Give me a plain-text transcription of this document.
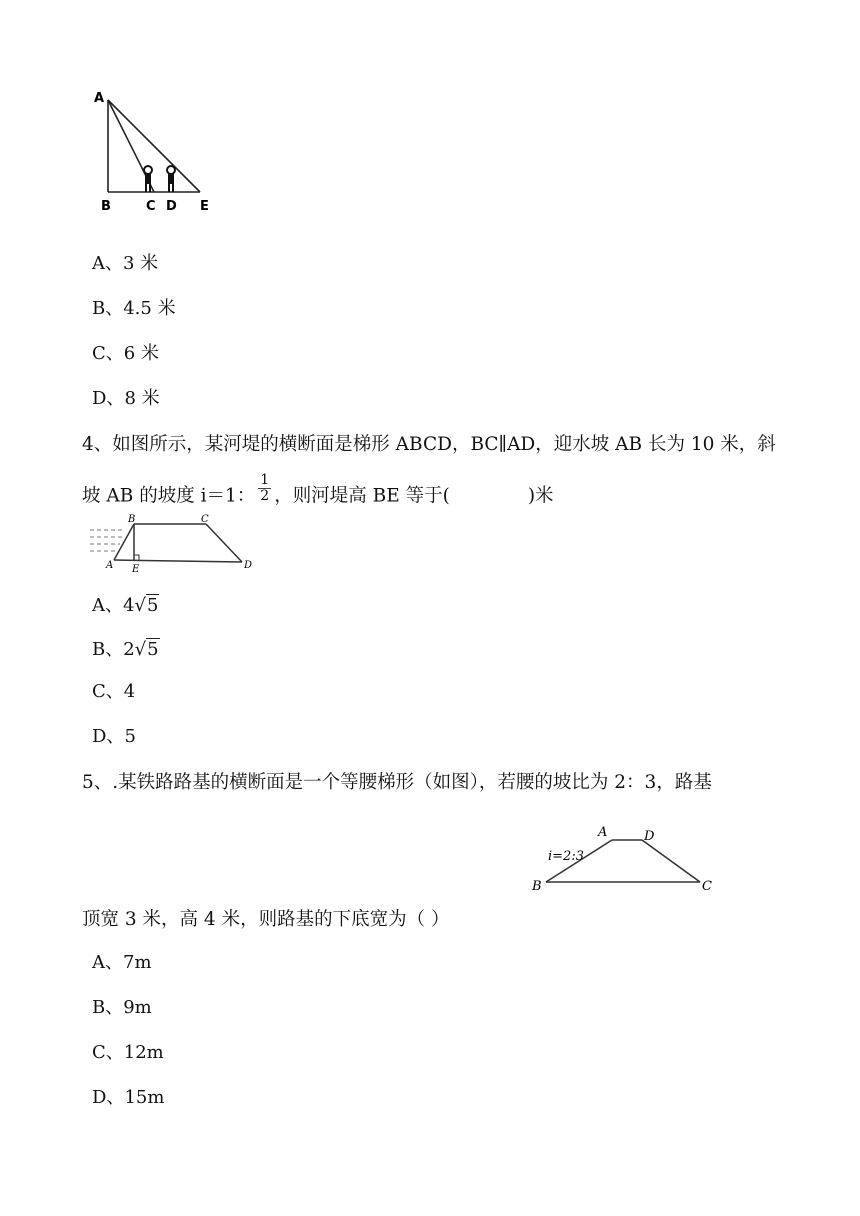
A
B	C D E
A、3 米
B、4.5 米
C、6 米
D、8 米
4、如图所示，某河堤的横断面是梯形 ABCD，BC∥AD，迎水坡 AB 长为 10 米，斜
坡 AB 的坡度 i＝1： $\frac{1}{2}$ ，则河堤高 BE 等于(	)米
B	C
A E	D
A、4√5
B、2√5
C、4
D、5
5、.某铁路路基的横断面是一个等腰梯形（如图），若腰的坡比为 2：3，路基
A	D
i=2:3
B	C
顶宽 3 米，高 4 米，则路基的下底宽为（ ）
A、7m
B、9m
C、12m
D、15m
